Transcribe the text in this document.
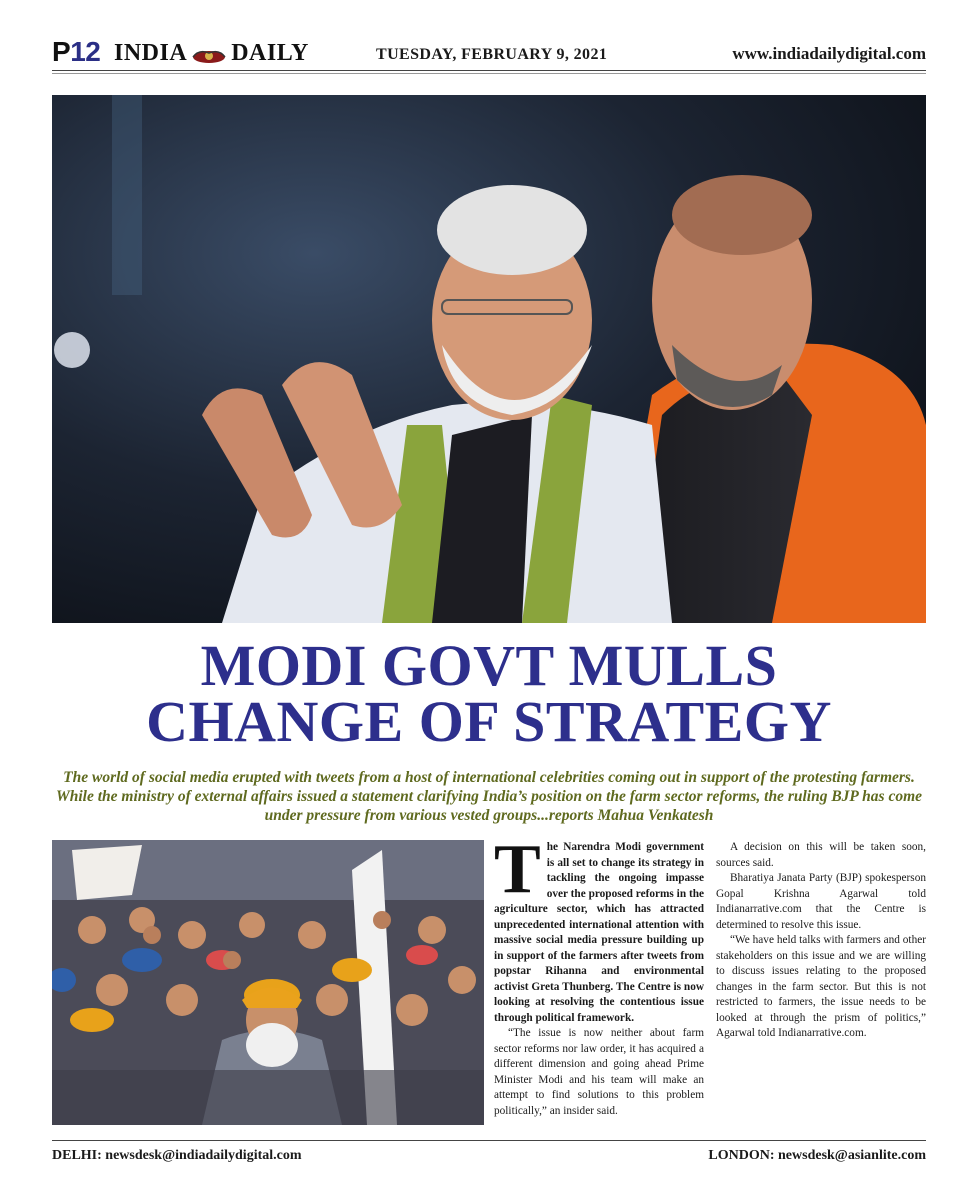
P12 INDIA DAILY	TUESDAY, FEBRUARY 9, 2021	www.indiadailydigital.com
MODI GOVT MULLS
CHANGE OF STRATEGY
The world of social media erupted with tweets from a host of international celebrities coming out in support of the protesting farmers. While the ministry of external affairs issued a statement clarifying India’s position on the farm sector reforms, the ruling BJP has come under pressure from various vested groups...reports Mahua Venkatesh
T he Narendra Modi government is all set to change its strategy in tackling the ongoing impasse over the proposed reforms in the agriculture sector, which has attracted unprecedented international attention with massive social media pressure building up in support of the farmers after tweets from popstar Rihanna and environmental activist Greta Thunberg. The Centre is now looking at resolving the contentious issue through political framework.

“The issue is now neither about farm sector reforms nor law order, it has acquired a different dimension and going ahead Prime Minister Modi and his team will make an attempt to find solutions to this problem politically,” an insider said.

A decision on this will be taken soon, sources said.

Bharatiya Janata Party (BJP) spokesperson Gopal Krishna Agarwal told Indianarrative.com that the Centre is determined to resolve this issue.

“We have held talks with farmers and other stakeholders on this issue and we are willing to discuss issues relating to the proposed changes in the farm sector. But this is not restricted to farmers, the issue needs to be looked at through the prism of politics,” Agarwal told Indianarrative.com.

DELHI: newsdesk@indiadailydigital.com	LONDON: newsdesk@asianlite.com
